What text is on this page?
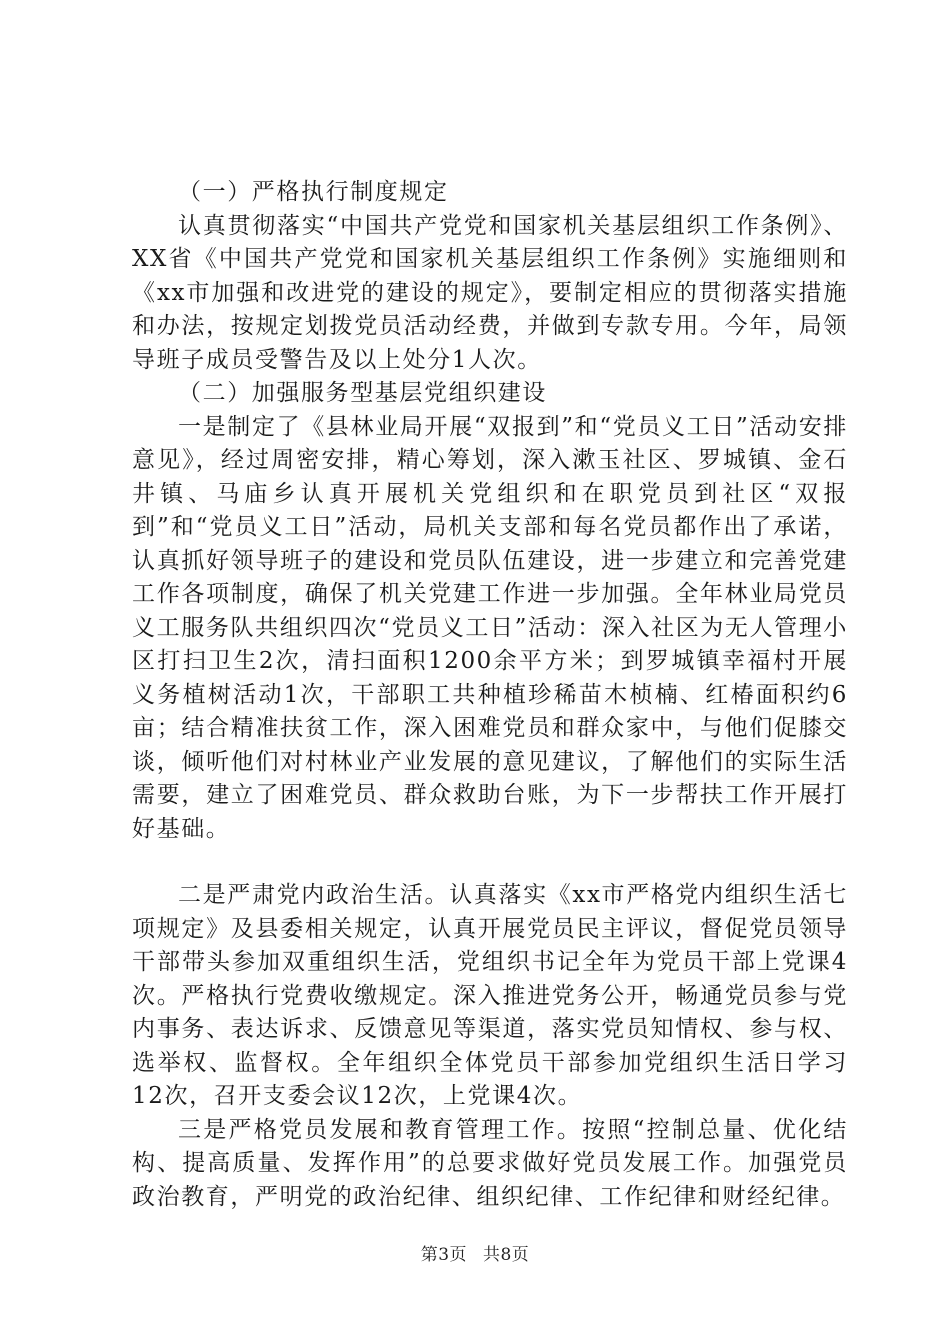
（一）严格执行制度规定

认真贯彻落实“中国共产党党和国家机关基层组织工作条例》、XX省《中国共产党党和国家机关基层组织工作条例》实施细则和《xx市加强和改进党的建设的规定》，要制定相应的贯彻落实措施和办法，按规定划拨党员活动经费，并做到专款专用。今年，局领导班子成员受警告及以上处分1人次。

（二）加强服务型基层党组织建设

一是制定了《县林业局开展“双报到”和“党员义工日”活动安排意见》，经过周密安排，精心筹划，深入漱玉社区、罗城镇、金石井镇、马庙乡认真开展机关党组织和在职党员到社区“双报到”和“党员义工日”活动，局机关支部和每名党员都作出了承诺，认真抓好领导班子的建设和党员队伍建设，进一步建立和完善党建工作各项制度，确保了机关党建工作进一步加强。全年林业局党员义工服务队共组织四次“党员义工日”活动：深入社区为无人管理小区打扫卫生2次，清扫面积1200余平方米；到罗城镇幸福村开展义务植树活动1次，干部职工共种植珍稀苗木桢楠、红椿面积约6亩；结合精准扶贫工作，深入困难党员和群众家中，与他们促膝交谈，倾听他们对村林业产业发展的意见建议，了解他们的实际生活需要，建立了困难党员、群众救助台账，为下一步帮扶工作开展打好基础。

二是严肃党内政治生活。认真落实《xx市严格党内组织生活七项规定》及县委相关规定，认真开展党员民主评议，督促党员领导干部带头参加双重组织生活，党组织书记全年为党员干部上党课4次。严格执行党费收缴规定。深入推进党务公开，畅通党员参与党内事务、表达诉求、反馈意见等渠道，落实党员知情权、参与权、选举权、监督权。全年组织全体党员干部参加党组织生活日学习12次，召开支委会议12次，上党课4次。

三是严格党员发展和教育管理工作。按照“控制总量、优化结构、提高质量、发挥作用”的总要求做好党员发展工作。加强党员政治教育，严明党的政治纪律、组织纪律、工作纪律和财经纪律。

第3页 共8页
